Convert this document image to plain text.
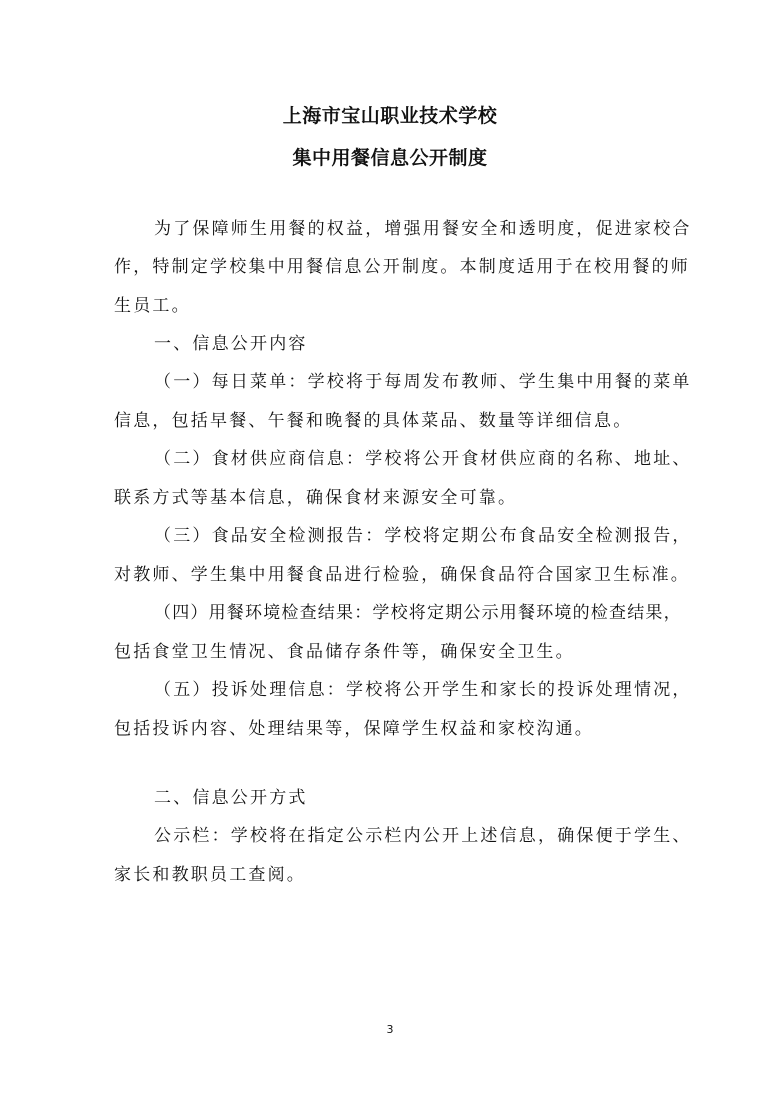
上海市宝山职业技术学校
集中用餐信息公开制度
为了保障师生用餐的权益，增强用餐安全和透明度，促进家校合
作，特制定学校集中用餐信息公开制度。本制度适用于在校用餐的师
生员工。
一、信息公开内容
（一）每日菜单：学校将于每周发布教师、学生集中用餐的菜单
信息，包括早餐、午餐和晚餐的具体菜品、数量等详细信息。
（二）食材供应商信息：学校将公开食材供应商的名称、地址、
联系方式等基本信息，确保食材来源安全可靠。
（三）食品安全检测报告：学校将定期公布食品安全检测报告，
对教师、学生集中用餐食品进行检验，确保食品符合国家卫生标准。
（四）用餐环境检查结果：学校将定期公示用餐环境的检查结果，
包括食堂卫生情况、食品储存条件等，确保安全卫生。
（五）投诉处理信息：学校将公开学生和家长的投诉处理情况，
包括投诉内容、处理结果等，保障学生权益和家校沟通。
二、信息公开方式
公示栏：学校将在指定公示栏内公开上述信息，确保便于学生、
家长和教职员工查阅。
3
